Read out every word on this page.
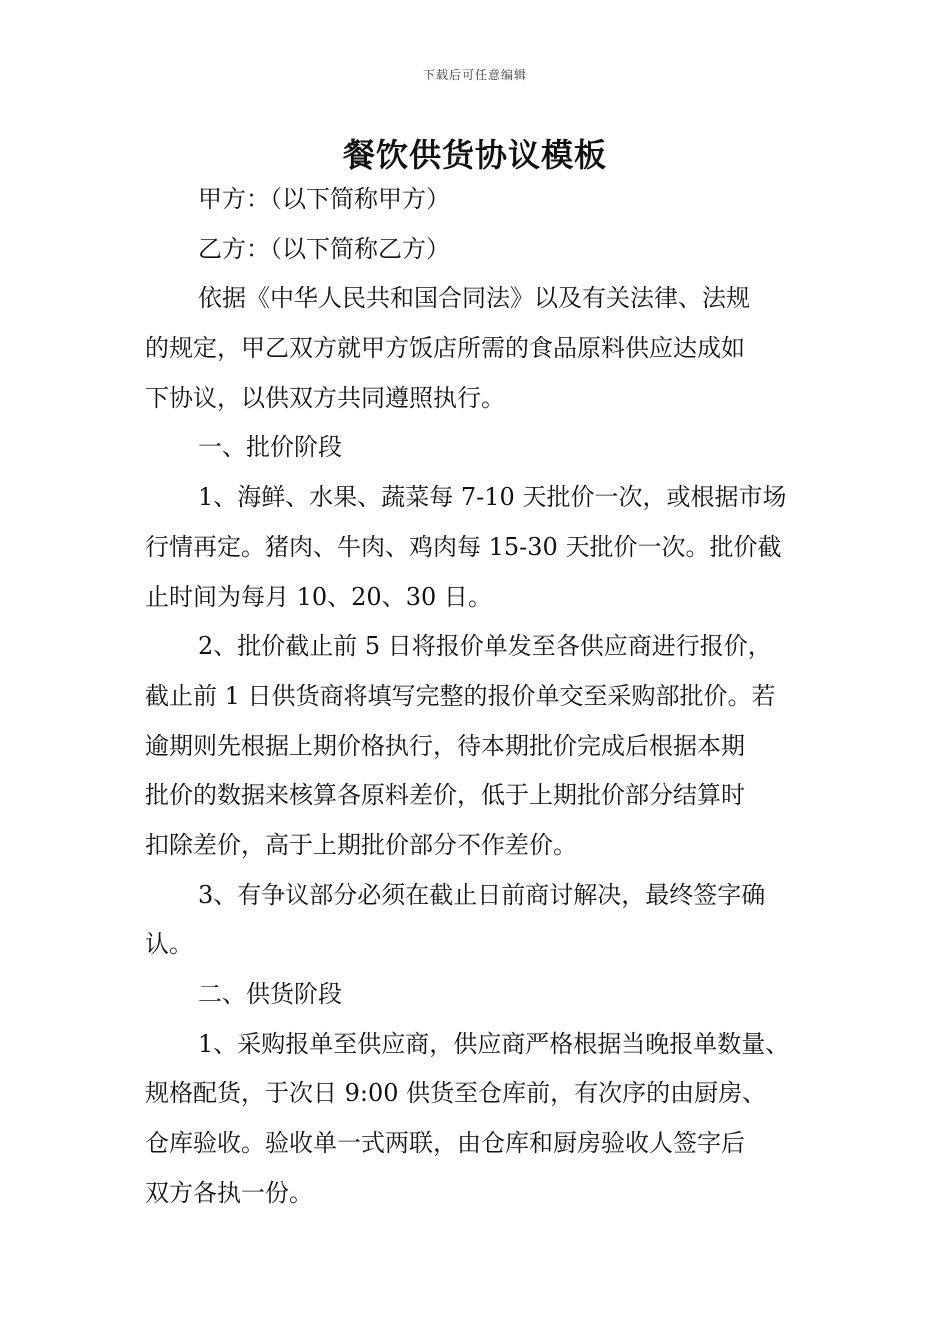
下载后可任意编辑
餐饮供货协议模板
甲方：（以下简称甲方）
乙方：（以下简称乙方）
依据《中华人民共和国合同法》以及有关法律、法规
的规定，甲乙双方就甲方饭店所需的食品原料供应达成如
下协议，以供双方共同遵照执行。
一、批价阶段
1、海鲜、水果、蔬菜每 7-10 天批价一次，或根据市场
行情再定。猪肉、牛肉、鸡肉每 15-30 天批价一次。批价截
止时间为每月 10、20、30 日。
2、批价截止前 5 日将报价单发至各供应商进行报价，
截止前 1 日供货商将填写完整的报价单交至采购部批价。若
逾期则先根据上期价格执行，待本期批价完成后根据本期
批价的数据来核算各原料差价，低于上期批价部分结算时
扣除差价，高于上期批价部分不作差价。
3、有争议部分必须在截止日前商讨解决，最终签字确
认。
二、供货阶段
1、采购报单至供应商，供应商严格根据当晚报单数量、
规格配货，于次日 9:00 供货至仓库前，有次序的由厨房、
仓库验收。验收单一式两联，由仓库和厨房验收人签字后
双方各执一份。
